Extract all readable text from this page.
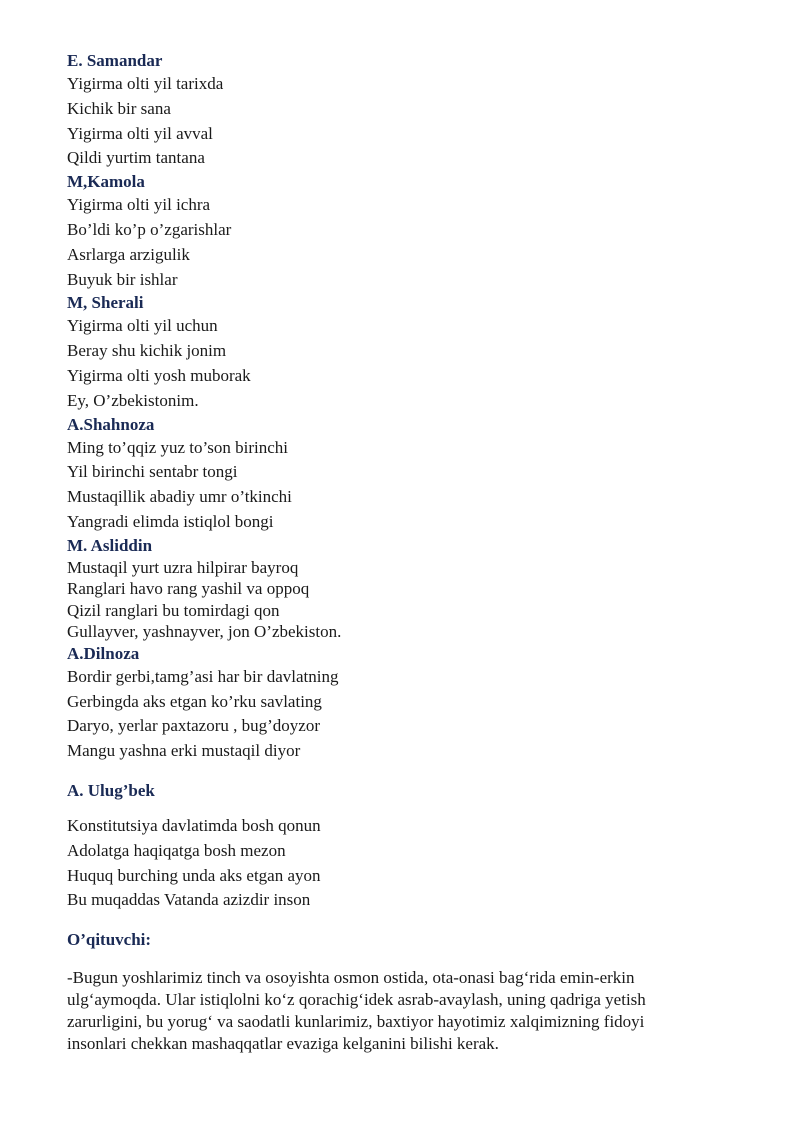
E. Samandar
Yigirma olti yil tarixda
Kichik bir sana
Yigirma olti yil avval
Qildi yurtim tantana
M,Kamola
Yigirma olti yil ichra
Bo’ldi ko’p o’zgarishlar
Asrlarga arzigulik
Buyuk bir ishlar
M, Sherali
Yigirma olti yil uchun
Beray shu kichik jonim
Yigirma olti yosh muborak
Ey, O’zbekistonim.
A.Shahnoza
Ming to’qqiz yuz to’son birinchi
Yil birinchi sentabr tongi
Mustaqillik abadiy umr o’tkinchi
Yangradi elimda istiqlol bongi
M. Asliddin
Mustaqil yurt uzra hilpirar bayroq
Ranglari havo rang yashil va oppoq
Qizil ranglari bu tomirdagi qon
Gullayver, yashnayver, jon O’zbekiston.
A.Dilnoza
Bordir gerbi,tamg’asi har bir davlatning
Gerbingda aks etgan ko’rku savlating
Daryo, yerlar paxtazoru , bug’doyzor
Mangu yashna erki mustaqil diyor
A. Ulug’bek
Konstitutsiya davlatimda bosh qonun
Adolatga haqiqatga bosh mezon
Huquq burching unda aks etgan ayon
Bu muqaddas Vatanda azizdir inson
O’qituvchi:
-Bugun yoshlarimiz tinch va osoyishta osmon ostida, ota-onasi bag‘rida emin-erkin
ulg‘aymoqda. Ular istiqlolni ko‘z qorachig‘idek asrab-avaylash, uning qadriga yetish
zarurligini, bu yorug‘ va saodatli kunlarimiz, baxtiyor hayotimiz xalqimizning fidoyi
insonlari chekkan mashaqqatlar evaziga kelganini bilishi kerak.
